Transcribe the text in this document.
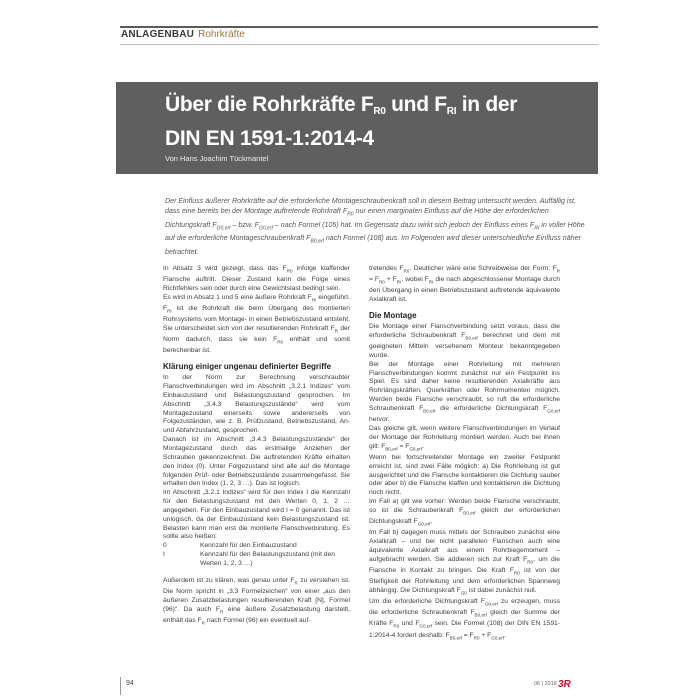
ANLAGENBAU Rohrkräfte
Über die Rohrkräfte $F_{R0}$ und $F_{RI}$ in der
DIN EN 1591-1:2014-4
Von Hans Joachim Tückmantel

Der Einfluss äußerer Rohrkräfte auf die erforderliche Montageschraubenkraft soll in diesem Beitrag untersucht werden. Auffällig ist, dass eine bereits bei der Montage auftretende Rohrkraft $F_{R0}$ nur einen marginalen Einfluss auf die Höhe der erforderlichen Dichtungskraft $F_{G0,erf}$ – bzw. $F_{G0,erf}$ – nach Formel (105) hat. Im Gegensatz dazu wirkt sich jedoch der Einfluss eines $F_{RI}$ in voller Höhe auf die erforderliche Montageschraubenkraft $F_{B0,erf}$ nach Formel (108) aus. Im Folgenden wird dieser unterschiedliche Einfluss näher betrachtet.

In Absatz 3 wird gezeigt, dass das $F_{R0}$ infolge klaffender Flansche auftritt. Dieser Zustand kann die Folge eines Richtfehlers sein oder durch eine Gewichtslast bedingt sein.

Es wird in Absatz 1 und 5 eine äußere Rohrkraft $F_{RI}$ eingeführt. $F_{RI}$ ist die Rohrkraft die beim Übergang des montierten Rohrsystems vom Montage- in einen Betriebszustand entsteht. Sie unterscheidet sich von der resultierenden Rohrkraft $F_R$ der Norm dadurch, dass sie kein $F_{R0}$ enthält und somit berechenbar ist.

Klärung einiger ungenau definierter Begriffe

In der Norm zur Berechnung verschraubter Flanschverbindungen wird im Abschnitt „3.2.1 Indizes“ vom Einbauzustand und Belastungszustand gesprochen. Im Abschnitt „3.4.3 Belastungszustände“ wird vom Montagezustand einerseits sowie andererseits von Folgezuständen, wie z. B. Prüfzustand, Betriebszustand, An- und Abfahrzustand, gesprochen.

Danach ist im Abschnitt „3.4.3 Belastungszustände“ der Montagezustand durch das erstmalige Anziehen der Schrauben gekennzeichnet. Die auftretenden Kräfte erhalten den Index (0). Unter Folgezustand sind alle auf die Montage folgenden Prüf- oder Betriebszustände zusammengefasst. Sie erhalten den Index (1, 2, 3 …). Das ist logisch.

Im Abschnitt „3.2.1 Indizes“ wird für den Index I die Kennzahl für den Belastungszustand mit den Werten 0, 1, 2 … angegeben. Für den Einbauzustand wird I = 0 genannt. Das ist unlogisch, da der Einbauzustand kein Belastungszustand ist. Belasten kann man erst die montierte Flanschverbindung. Es sollte also heißen:

0	Kennzahl für den Einbauzustand
I	Kennzahl für den Belastungszustand (mit den Werten 1, 2, 3 …)

Außerdem ist zu klären, was genau unter $F_R$ zu verstehen ist. Die Norm spricht in „3.3 Formelzeichen“ von einer „aus den äußeren Zusatzbelastungen resultierenden Kraft [N], Formel (96)“. Da auch $F_R$ eine äußere Zusatzbelastung darstellt, enthält das $F_R$ nach Formel (96) ein eventuell auf-

tretendes $F_{R0}$. Deutlicher wäre eine Schreibweise der Form: $F_R = F_{R0} + F_{RI}$, wobei $F_{RI}$ die nach abgeschlossener Montage durch den Übergang in einen Betriebszustand auftretende äquivalente Axialkraft ist.

Die Montage

Die Montage einer Flanschverbindung setzt voraus, dass die erforderliche Schraubenkraft $F_{B0,erf}$ berechnet und dem mit geeigneten Mitteln versehenem Monteur bekanntgegeben wurde.

Bei der Montage einer Rohrleitung mit mehreren Flanschverbindungen kommt zunächst nur ein Festpunkt ins Spiel. Es sind daher keine resultierenden Axialkräfte aus Rohrlängskräften, Querkräften oder Rohrmomenten möglich. Werden beide Flansche verschraubt, so ruft die erforderliche Schraubenkraft $F_{B0,erf}$ die erforderliche Dichtungskraft $F_{G0,erf}$ hervor.

Das gleiche gilt, wenn weitere Flanschverbindungen im Verlauf der Montage der Rohrleitung montiert werden. Auch bei ihnen gilt: $F_{B0,erf} = F_{G0,erf}$.

Wenn bei fortschreitender Montage ein zweiter Festpunkt erreicht ist, sind zwei Fälle möglich: a) Die Rohrleitung ist gut ausgerichtet und die Flansche kontaktieren die Dichtung sauber oder aber b) die Flansche klaffen und kontaktieren die Dichtung noch nicht.

Im Fall a) gilt wie vorher: Werden beide Flansche verschraubt, so ist die Schraubenkraft $F_{B0,erf}$ gleich der erforderlichen Dichtungskraft $F_{G0,erf}$.

Im Fall b) dagegen muss mittels der Schrauben zunächst eine Axialkraft – und bei nicht parallelen Flanschen auch eine äquivalente Axialkraft aus einem Rohrbiegemoment – aufgebracht werden. Sie addieren sich zur Kraft $F_{R0}$, um die Flansche in Kontakt zu bringen. Die Kraft $F_{R0}$ ist von der Steifigkeit der Rohrleitung und dem erforderlichen Spannweg abhängig. Die Dichtungskraft $F_{G0}$ ist dabei zunächst null.

Um die erforderliche Dichtungskraft $F_{G0,erf}$ zu erzeugen, muss die erforderliche Schraubenkraft $F_{B0,erf}$ gleich der Summe der Kräfte $F_{R0}$ und $F_{G0,erf}$ sein. Die Formel (108) der DIN EN 1591-1:2014-4 fordert deshalb: $F_{B0,erf} = F_{R0} + F_{G0,erf}$.

94	06 | 2018 3R
